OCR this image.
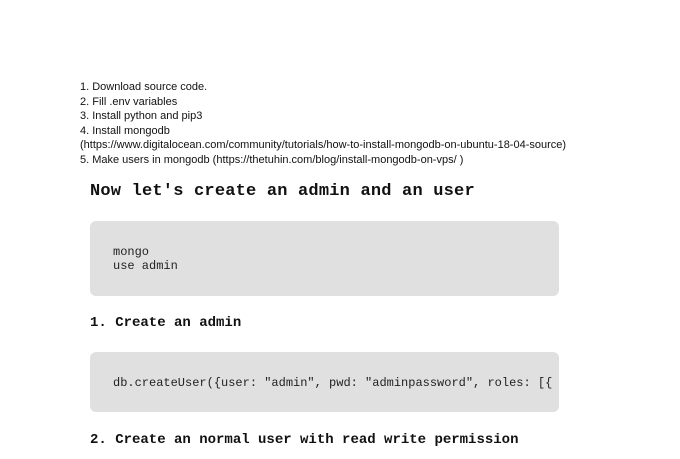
1. Download source code.
2. Fill .env variables
3. Install python and pip3
4. Install mongodb
(https://www.digitalocean.com/community/tutorials/how-to-install-mongodb-on-ubuntu-18-04-source)
5. Make users in mongodb (https://thetuhin.com/blog/install-mongodb-on-vps/ )
Now let's create an admin and an user
mongo
use admin
1. Create an admin
db.createUser({user: "admin", pwd: "adminpassword", roles: [{
2. Create an normal user with read write permission
